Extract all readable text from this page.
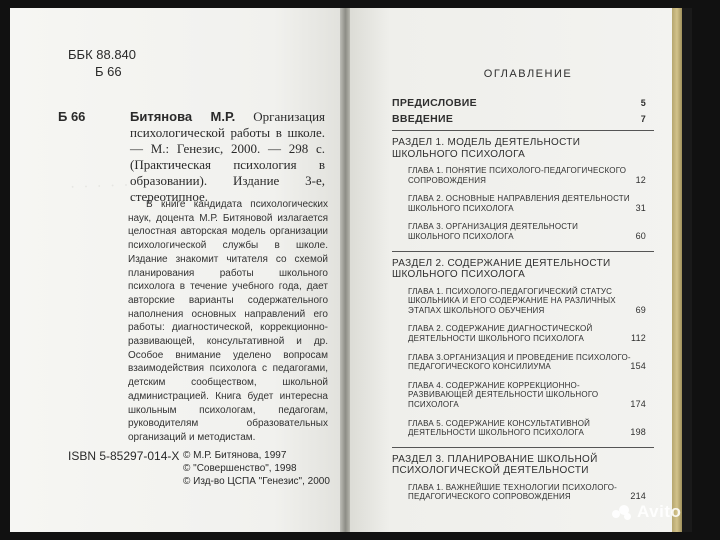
· · · · · ·
ББК 88.840
Б 66
Б 66	Битянова М.Р. Организация психологической работы в школе. — М.: Генезис, 2000. — 298 с. (Практическая психология в образовании). Издание 3-е, стереотипное.
В книге кандидата психологических наук, доцента М.Р. Битяновой излагается целостная авторская модель организации психологической службы в школе. Издание знакомит читателя со схемой планирования работы школьного психолога в течение учебного года, дает авторские варианты содержательного наполнения основных направлений его работы: диагностической, коррекционно-развивающей, консультативной и др. Особое внимание уделено вопросам взаимодействия психолога с педагогами, детским сообществом, школьной администрацией. Книга будет интересна школьным психологам, педагогам, руководителям образовательных организаций и методистам.
ISBN 5-85297-014-X © М.Р. Битянова, 1997
© "Совершенство", 1998
© Изд-во ЦСПА "Генезис", 2000
ОГЛАВЛЕНИЕ
ПРЕДИСЛОВИЕ	5
ВВЕДЕНИЕ	7
РАЗДЕЛ 1. МОДЕЛЬ ДЕЯТЕЛЬНОСТИ ШКОЛЬНОГО ПСИХОЛОГА
ГЛАВА 1. ПОНЯТИЕ ПСИХОЛОГО-ПЕДАГОГИЧЕСКОГО СОПРОВОЖДЕНИЯ	12
ГЛАВА 2. ОСНОВНЫЕ НАПРАВЛЕНИЯ ДЕЯТЕЛЬНОСТИ ШКОЛЬНОГО ПСИХОЛОГА	31
ГЛАВА 3. ОРГАНИЗАЦИЯ ДЕЯТЕЛЬНОСТИ ШКОЛЬНОГО ПСИХОЛОГА	60
РАЗДЕЛ 2. СОДЕРЖАНИЕ ДЕЯТЕЛЬНОСТИ ШКОЛЬНОГО ПСИХОЛОГА
ГЛАВА 1. ПСИХОЛОГО-ПЕДАГОГИЧЕСКИЙ СТАТУС ШКОЛЬНИКА И ЕГО СОДЕРЖАНИЕ НА РАЗЛИЧНЫХ ЭТАПАХ ШКОЛЬНОГО ОБУЧЕНИЯ	69
ГЛАВА 2. СОДЕРЖАНИЕ ДИАГНОСТИЧЕСКОЙ ДЕЯТЕЛЬНОСТИ ШКОЛЬНОГО ПСИХОЛОГА	112
ГЛАВА 3.ОРГАНИЗАЦИЯ И ПРОВЕДЕНИЕ ПСИХОЛОГО-ПЕДАГОГИЧЕСКОГО КОНСИЛИУМА	154
ГЛАВА 4. СОДЕРЖАНИЕ КОРРЕКЦИОННО-РАЗВИВАЮЩЕЙ ДЕЯТЕЛЬНОСТИ ШКОЛЬНОГО ПСИХОЛОГА	174
ГЛАВА 5. СОДЕРЖАНИЕ КОНСУЛЬТАТИВНОЙ ДЕЯТЕЛЬНОСТИ ШКОЛЬНОГО ПСИХОЛОГА	198
РАЗДЕЛ 3. ПЛАНИРОВАНИЕ ШКОЛЬНОЙ ПСИХОЛОГИЧЕСКОЙ ДЕЯТЕЛЬНОСТИ
ГЛАВА 1. ВАЖНЕЙШИЕ ТЕХНОЛОГИИ ПСИХОЛОГО-ПЕДАГОГИЧЕСКОГО СОПРОВОЖДЕНИЯ	214
Avito
